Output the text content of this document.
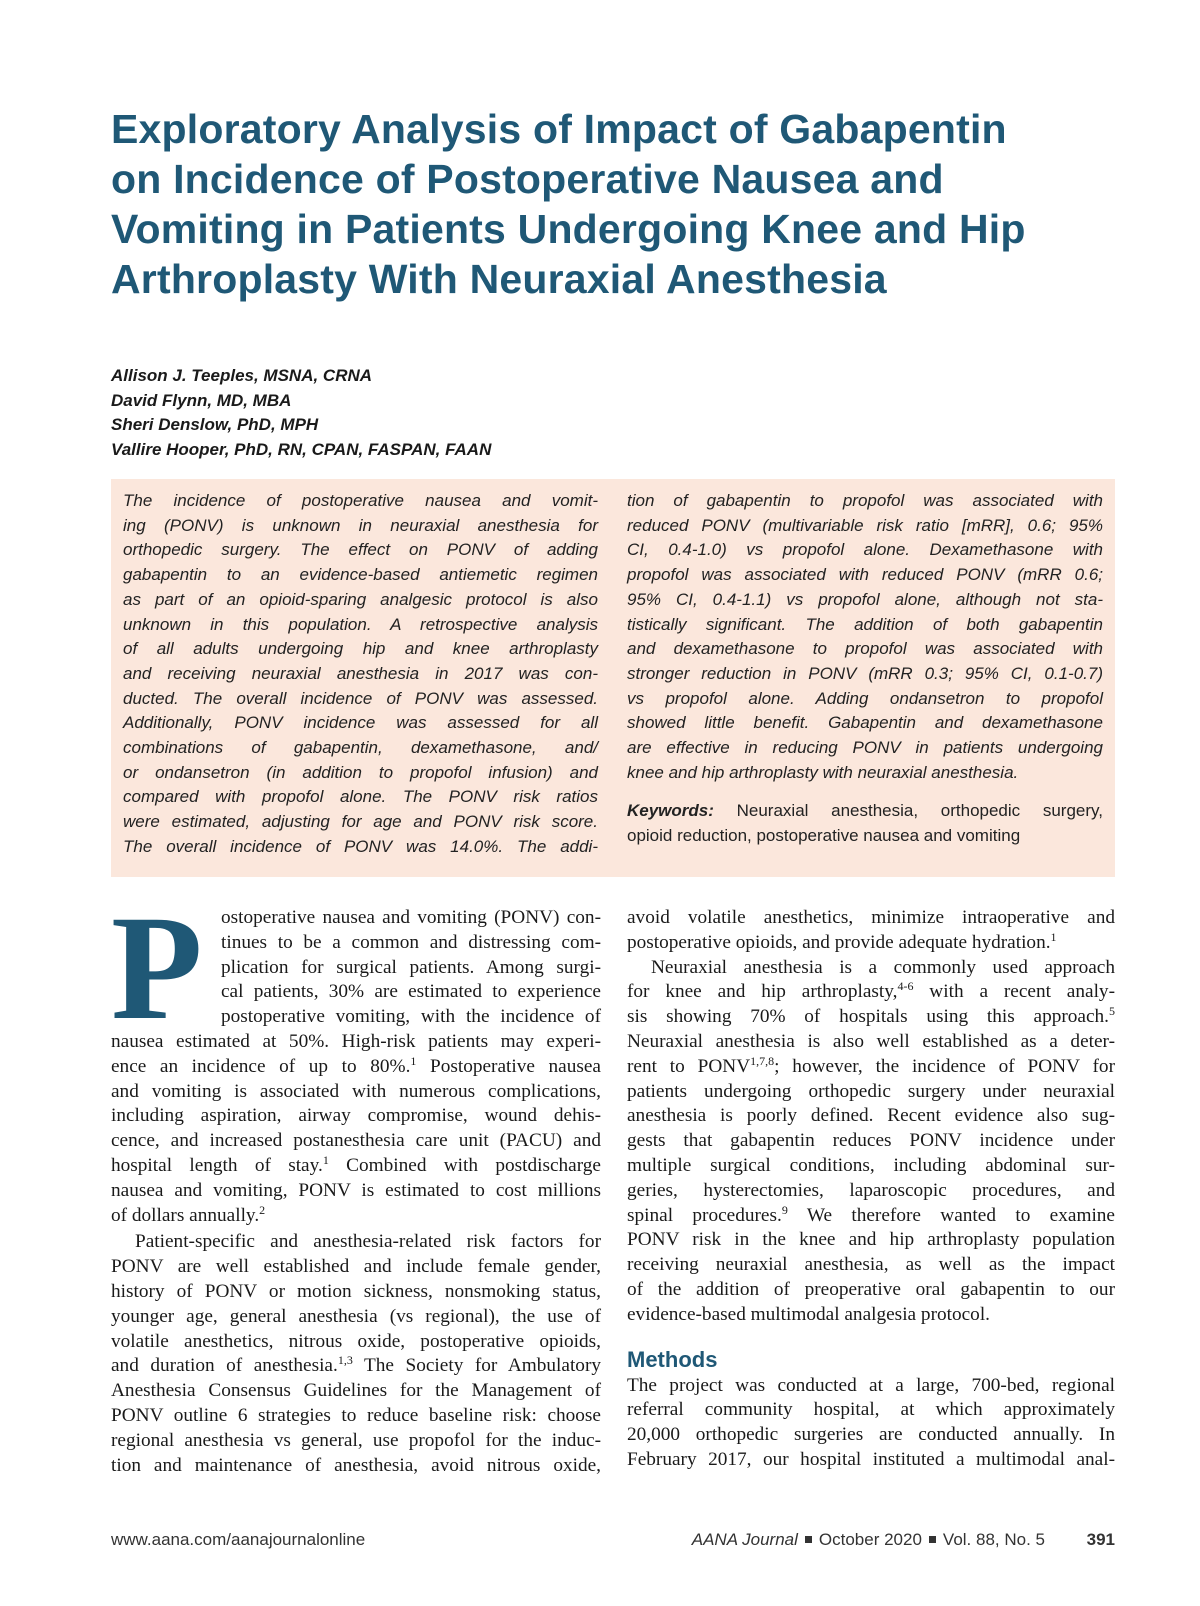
Exploratory Analysis of Impact of Gabapentin
on Incidence of Postoperative Nausea and
Vomiting in Patients Undergoing Knee and Hip
Arthroplasty With Neuraxial Anesthesia
Allison J. Teeples, MSNA, CRNA
David Flynn, MD, MBA
Sheri Denslow, PhD, MPH
Vallire Hooper, PhD, RN, CPAN, FASPAN, FAAN
The incidence of postoperative nausea and vomit-
ing (PONV) is unknown in neuraxial anesthesia for
orthopedic surgery. The effect on PONV of adding
gabapentin to an evidence-based antiemetic regimen
as part of an opioid-sparing analgesic protocol is also
unknown in this population. A retrospective analysis
of all adults undergoing hip and knee arthroplasty
and receiving neuraxial anesthesia in 2017 was con-
ducted. The overall incidence of PONV was assessed.
Additionally, PONV incidence was assessed for all
combinations of gabapentin, dexamethasone, and/
or ondansetron (in addition to propofol infusion) and
compared with propofol alone. The PONV risk ratios
were estimated, adjusting for age and PONV risk score.
The overall incidence of PONV was 14.0%. The addi-
tion of gabapentin to propofol was associated with
reduced PONV (multivariable risk ratio [mRR], 0.6; 95%
CI, 0.4-1.0) vs propofol alone. Dexamethasone with
propofol was associated with reduced PONV (mRR 0.6;
95% CI, 0.4-1.1) vs propofol alone, although not sta-
tistically significant. The addition of both gabapentin
and dexamethasone to propofol was associated with
stronger reduction in PONV (mRR 0.3; 95% CI, 0.1-0.7)
vs propofol alone. Adding ondansetron to propofol
showed little benefit. Gabapentin and dexamethasone
are effective in reducing PONV in patients undergoing
knee and hip arthroplasty with neuraxial anesthesia.
Keywords: Neuraxial anesthesia, orthopedic surgery,
opioid reduction, postoperative nausea and vomiting
P ostoperative nausea and vomiting (PONV) con-
tinues to be a common and distressing com-
plication for surgical patients. Among surgi-
cal patients, 30% are estimated to experience
postoperative vomiting, with the incidence of
nausea estimated at 50%. High-risk patients may experi-
ence an incidence of up to 80%.$^1$ Postoperative nausea
and vomiting is associated with numerous complications,
including aspiration, airway compromise, wound dehis-
cence, and increased postanesthesia care unit (PACU) and
hospital length of stay.$^1$ Combined with postdischarge
nausea and vomiting, PONV is estimated to cost millions
of dollars annually.$^2$
Patient-specific and anesthesia-related risk factors for
PONV are well established and include female gender,
history of PONV or motion sickness, nonsmoking status,
younger age, general anesthesia (vs regional), the use of
volatile anesthetics, nitrous oxide, postoperative opioids,
and duration of anesthesia.$^{1,3}$ The Society for Ambulatory
Anesthesia Consensus Guidelines for the Management of
PONV outline 6 strategies to reduce baseline risk: choose
regional anesthesia vs general, use propofol for the induc-
tion and maintenance of anesthesia, avoid nitrous oxide,
avoid volatile anesthetics, minimize intraoperative and
postoperative opioids, and provide adequate hydration.$^1$
Neuraxial anesthesia is a commonly used approach
for knee and hip arthroplasty,$^{4-6}$ with a recent analy-
sis showing 70% of hospitals using this approach.$^5$
Neuraxial anesthesia is also well established as a deter-
rent to PONV$^{1,7,8}$; however, the incidence of PONV for
patients undergoing orthopedic surgery under neuraxial
anesthesia is poorly defined. Recent evidence also sug-
gests that gabapentin reduces PONV incidence under
multiple surgical conditions, including abdominal sur-
geries, hysterectomies, laparoscopic procedures, and
spinal procedures.$^9$ We therefore wanted to examine
PONV risk in the knee and hip arthroplasty population
receiving neuraxial anesthesia, as well as the impact
of the addition of preoperative oral gabapentin to our
evidence-based multimodal analgesia protocol.
Methods
The project was conducted at a large, 700-bed, regional
referral community hospital, at which approximately
20,000 orthopedic surgeries are conducted annually. In
February 2017, our hospital instituted a multimodal anal-
www.aana.com/aanajournalonline	AANA Journal October 2020 Vol. 88, No. 5 391
